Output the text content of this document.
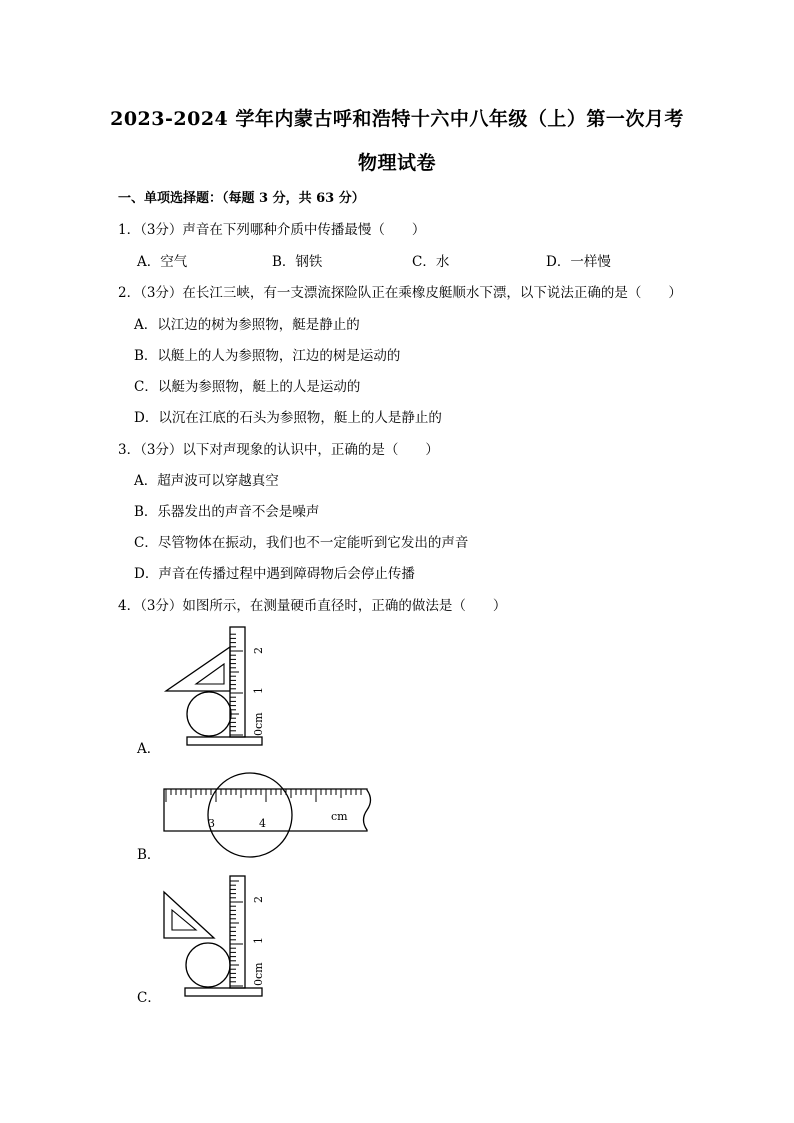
2023-2024 学年内蒙古呼和浩特十六中八年级（上）第一次月考
物理试卷
一、单项选择题：（每题 3 分，共 63 分）
1．（3分）声音在下列哪种介质中传播最慢（　　）
A．空气	B．钢铁	C．水	D．一样慢
2．（3分）在长江三峡，有一支漂流探险队正在乘橡皮艇顺水下漂，以下说法正确的是（　　）
A．以江边的树为参照物，艇是静止的
B．以艇上的人为参照物，江边的树是运动的
C．以艇为参照物，艇上的人是运动的
D．以沉在江底的石头为参照物，艇上的人是静止的
3．（3分）以下对声现象的认识中，正确的是（　　）
A．超声波可以穿越真空
B．乐器发出的声音不会是噪声
C．尽管物体在振动，我们也不一定能听到它发出的声音
D．声音在传播过程中遇到障碍物后会停止传播
4．（3分）如图所示，在测量硬币直径时，正确的做法是（　　）
0cm
1
2
A．
3	4
cm
B．
0cm
1
2
C．
